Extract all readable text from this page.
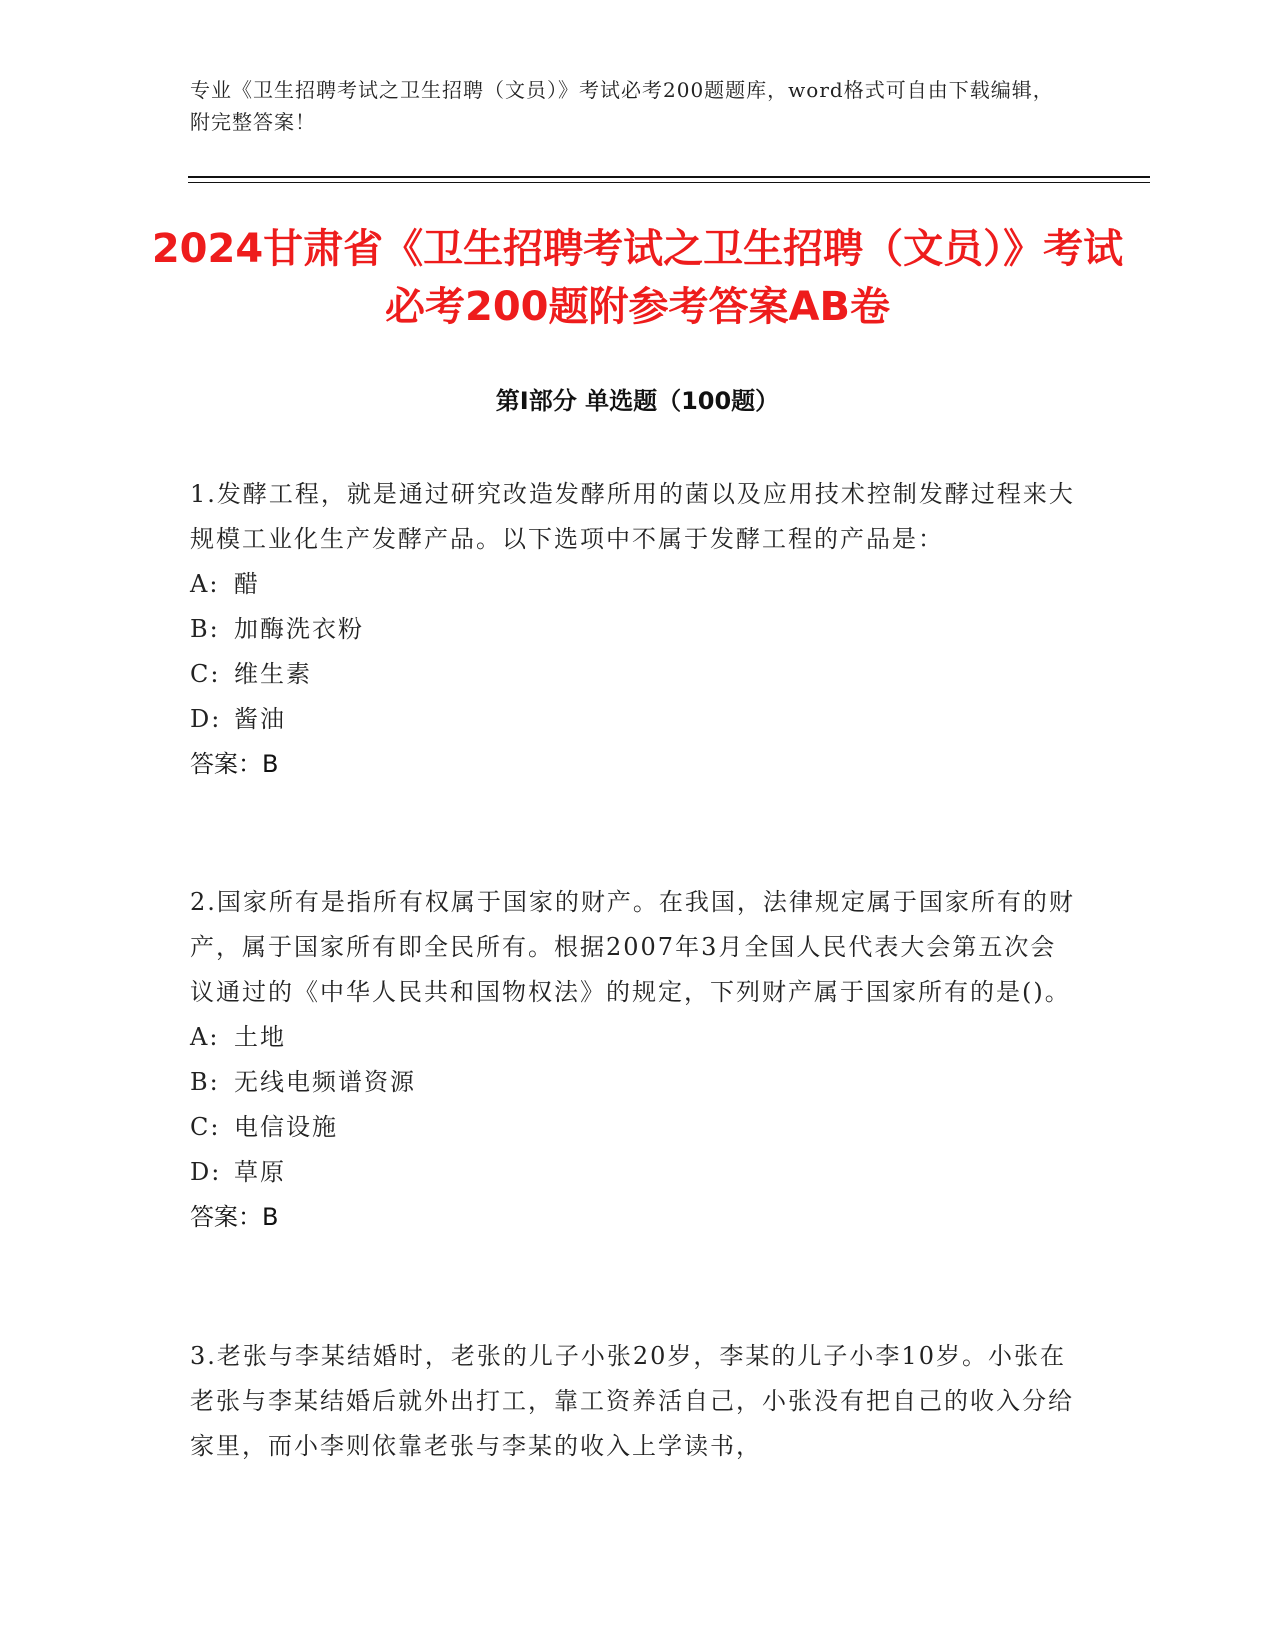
专业《卫生招聘考试之卫生招聘（文员）》考试必考200题题库，word格式可自由下载编辑，附完整答案！
2024甘肃省《卫生招聘考试之卫生招聘（文员）》考试必考200题附参考答案AB卷
第I部分 单选题（100题）

1.发酵工程，就是通过研究改造发酵所用的菌以及应用技术控制发酵过程来大规模工业化生产发酵产品。以下选项中不属于发酵工程的产品是：

A: 醋

B: 加酶洗衣粉

C: 维生素

D: 酱油

答案：B

2.国家所有是指所有权属于国家的财产。在我国，法律规定属于国家所有的财产，属于国家所有即全民所有。根据2007年3月全国人民代表大会第五次会议通过的《中华人民共和国物权法》的规定，下列财产属于国家所有的是()。

A: 土地

B: 无线电频谱资源

C: 电信设施

D: 草原

答案：B

3.老张与李某结婚时，老张的儿子小张20岁，李某的儿子小李10岁。小张在老张与李某结婚后就外出打工，靠工资养活自己，小张没有把自己的收入分给家里，而小李则依靠老张与李某的收入上学读书，
